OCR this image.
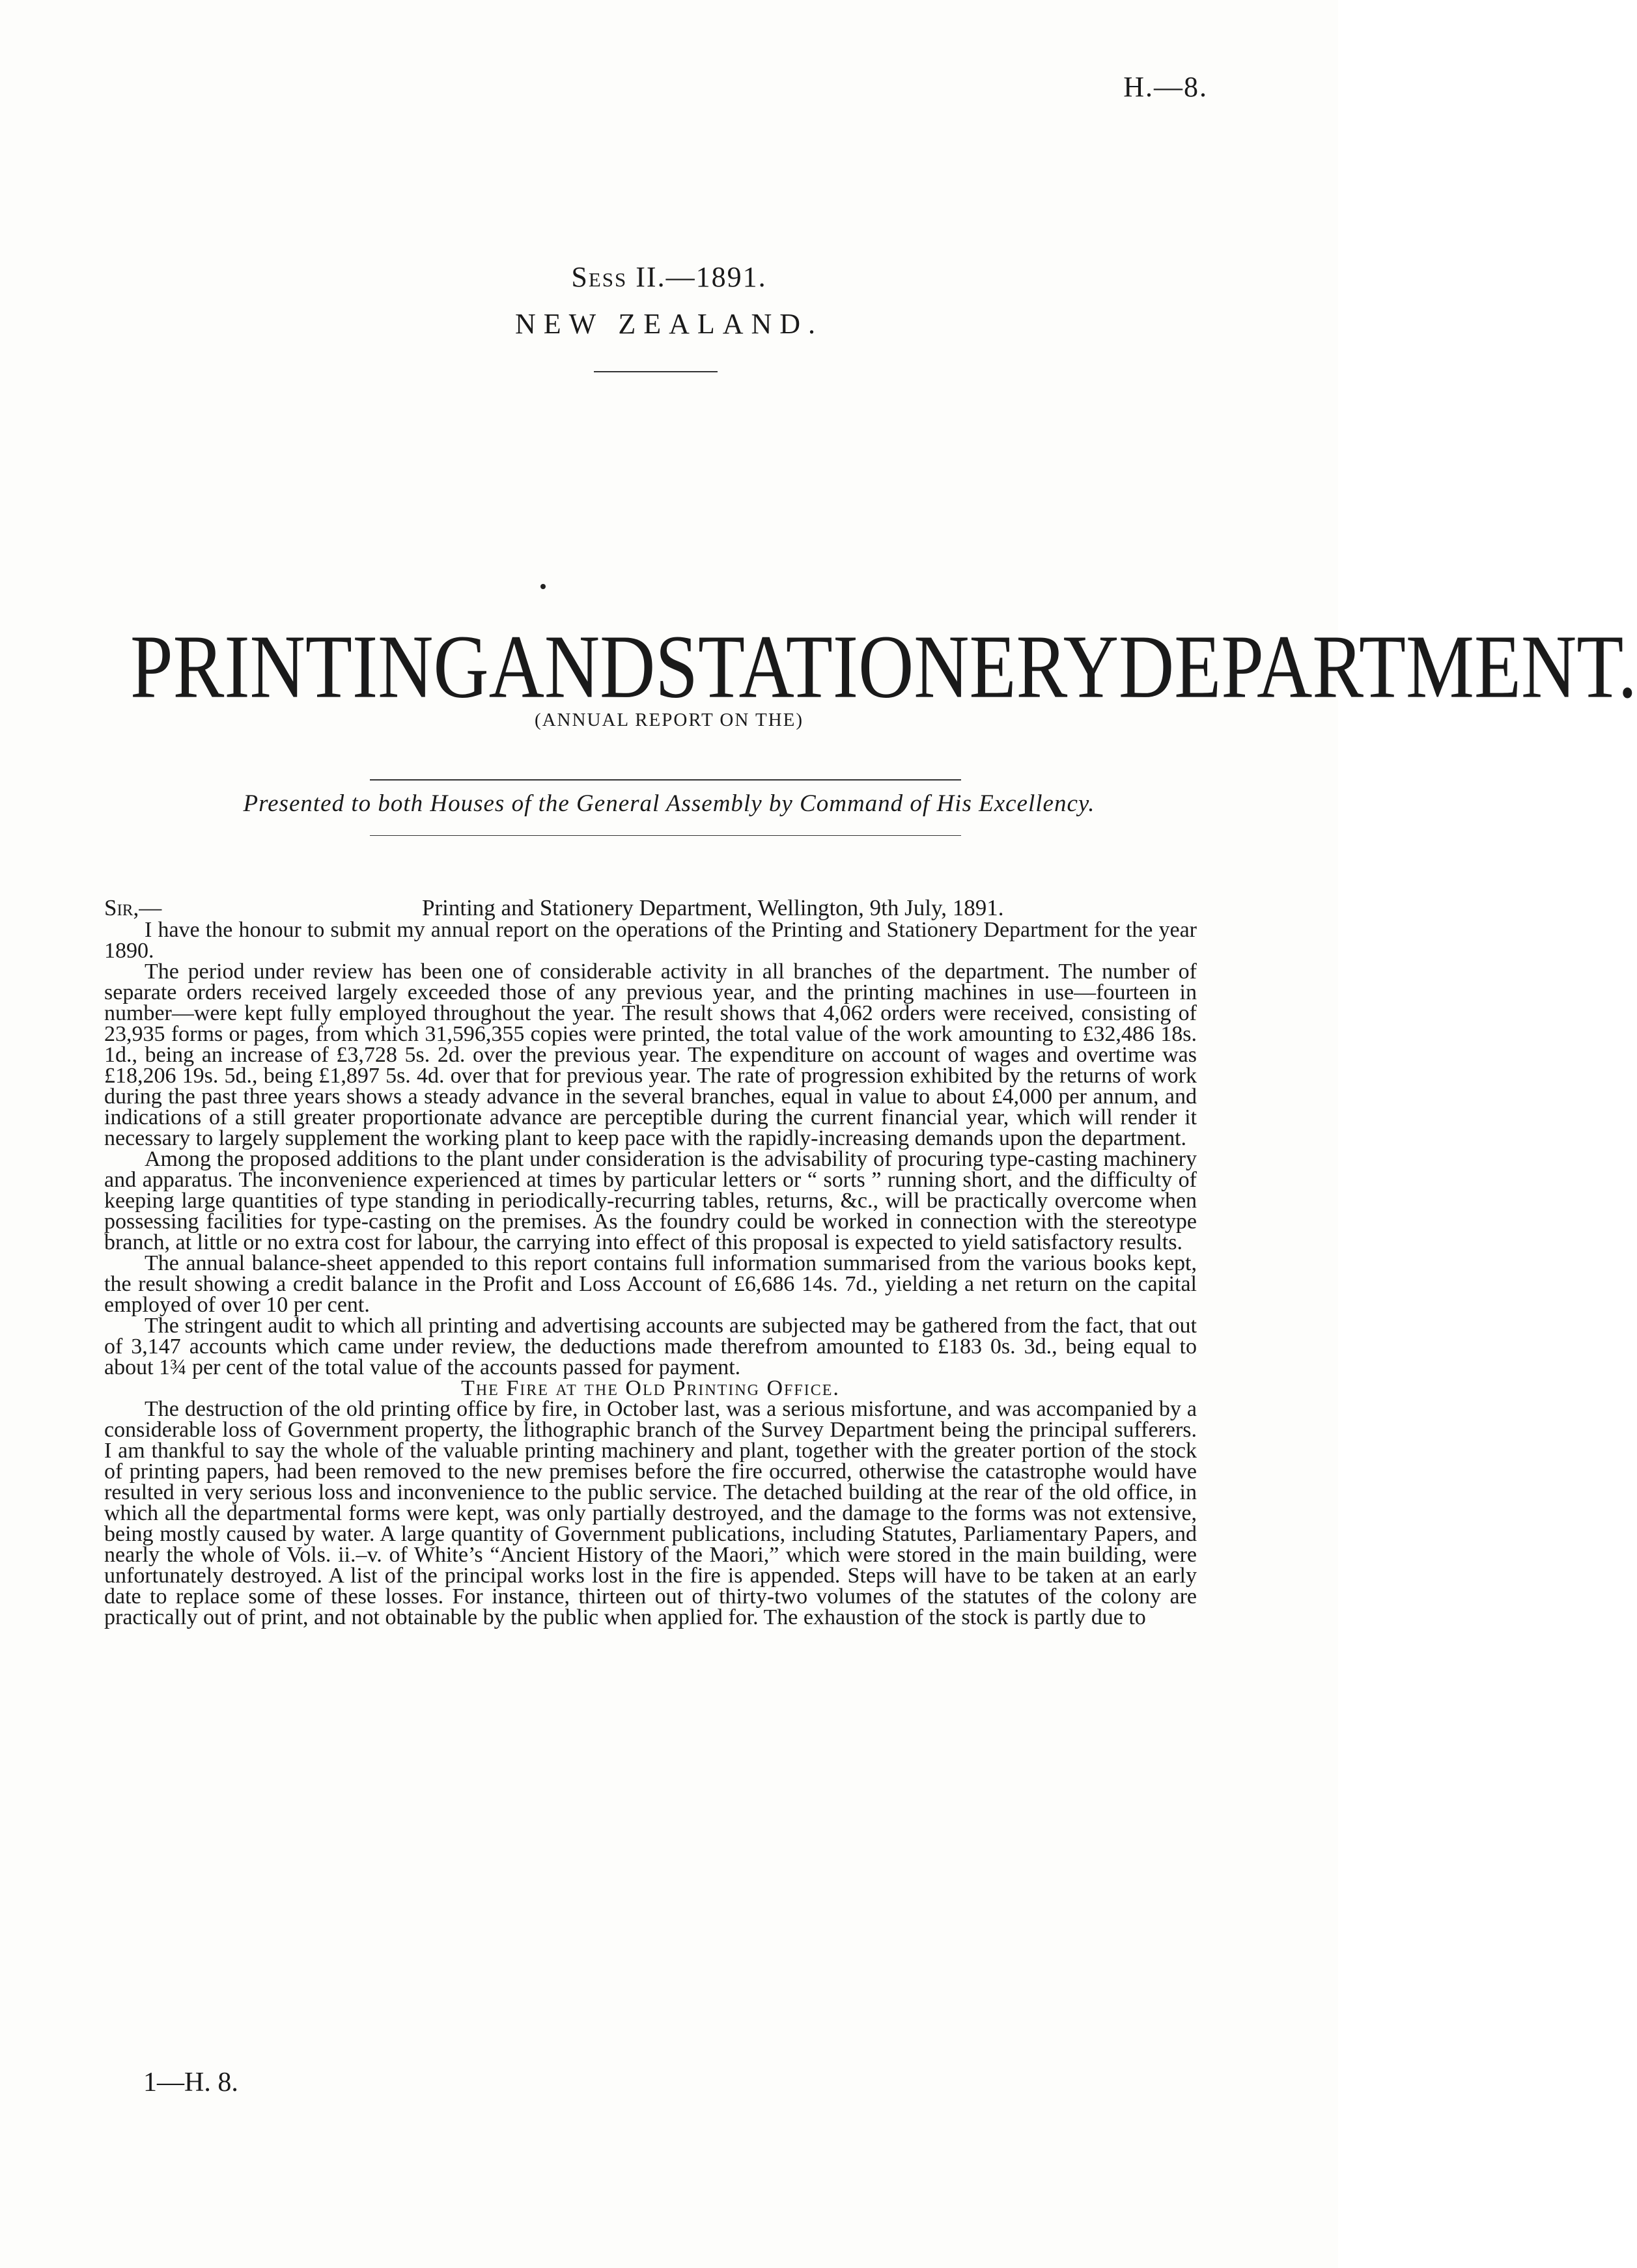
H.—8.
Sess II.—1891.
NEW ZEALAND.
PRINTING AND STATIONERY DEPARTMENT.
(ANNUAL REPORT ON THE)
Presented to both Houses of the General Assembly by Command of His Excellency.
Sir,—	Printing and Stationery Department, Wellington, 9th July, 1891.

I have the honour to submit my annual report on the operations of the Printing and Stationery Department for the year 1890.

The period under review has been one of considerable activity in all branches of the department. The number of separate orders received largely exceeded those of any previous year, and the printing machines in use—fourteen in number—were kept fully employed throughout the year. The result shows that 4,062 orders were received, consisting of 23,935 forms or pages, from which 31,596,355 copies were printed, the total value of the work amounting to £32,486 18s. 1d., being an increase of £3,728 5s. 2d. over the previous year. The expenditure on account of wages and overtime was £18,206 19s. 5d., being £1,897 5s. 4d. over that for previous year. The rate of progression exhibited by the returns of work during the past three years shows a steady advance in the several branches, equal in value to about £4,000 per annum, and indications of a still greater proportionate advance are perceptible during the current financial year, which will render it necessary to largely supplement the working plant to keep pace with the rapidly-increasing demands upon the department.

Among the proposed additions to the plant under consideration is the advisability of procuring type-casting machinery and apparatus. The inconvenience experienced at times by particular letters or “ sorts ” running short, and the difficulty of keeping large quantities of type standing in periodically-recurring tables, returns, &c., will be practically overcome when possessing facilities for type-casting on the premises. As the foundry could be worked in connection with the stereotype branch, at little or no extra cost for labour, the carrying into effect of this proposal is expected to yield satisfactory results.

The annual balance-sheet appended to this report contains full information summarised from the various books kept, the result showing a credit balance in the Profit and Loss Account of £6,686 14s. 7d., yielding a net return on the capital employed of over 10 per cent.

The stringent audit to which all printing and advertising accounts are subjected may be gathered from the fact, that out of 3,147 accounts which came under review, the deductions made therefrom amounted to £183 0s. 3d., being equal to about 1¾ per cent of the total value of the accounts passed for payment.

The Fire at the Old Printing Office.

The destruction of the old printing office by fire, in October last, was a serious misfortune, and was accompanied by a considerable loss of Government property, the lithographic branch of the Survey Department being the principal sufferers. I am thankful to say the whole of the valuable printing machinery and plant, together with the greater portion of the stock of printing papers, had been removed to the new premises before the fire occurred, otherwise the catastrophe would have resulted in very serious loss and inconvenience to the public service. The detached building at the rear of the old office, in which all the departmental forms were kept, was only partially destroyed, and the damage to the forms was not extensive, being mostly caused by water. A large quantity of Government publications, including Statutes, Parliamentary Papers, and nearly the whole of Vols. ii.–v. of White’s “Ancient History of the Maori,” which were stored in the main building, were unfortunately destroyed. A list of the principal works lost in the fire is appended. Steps will have to be taken at an early date to replace some of these losses. For instance, thirteen out of thirty-two volumes of the statutes of the colony are practically out of print, and not obtainable by the public when applied for. The exhaustion of the stock is partly due to

1—H. 8.
